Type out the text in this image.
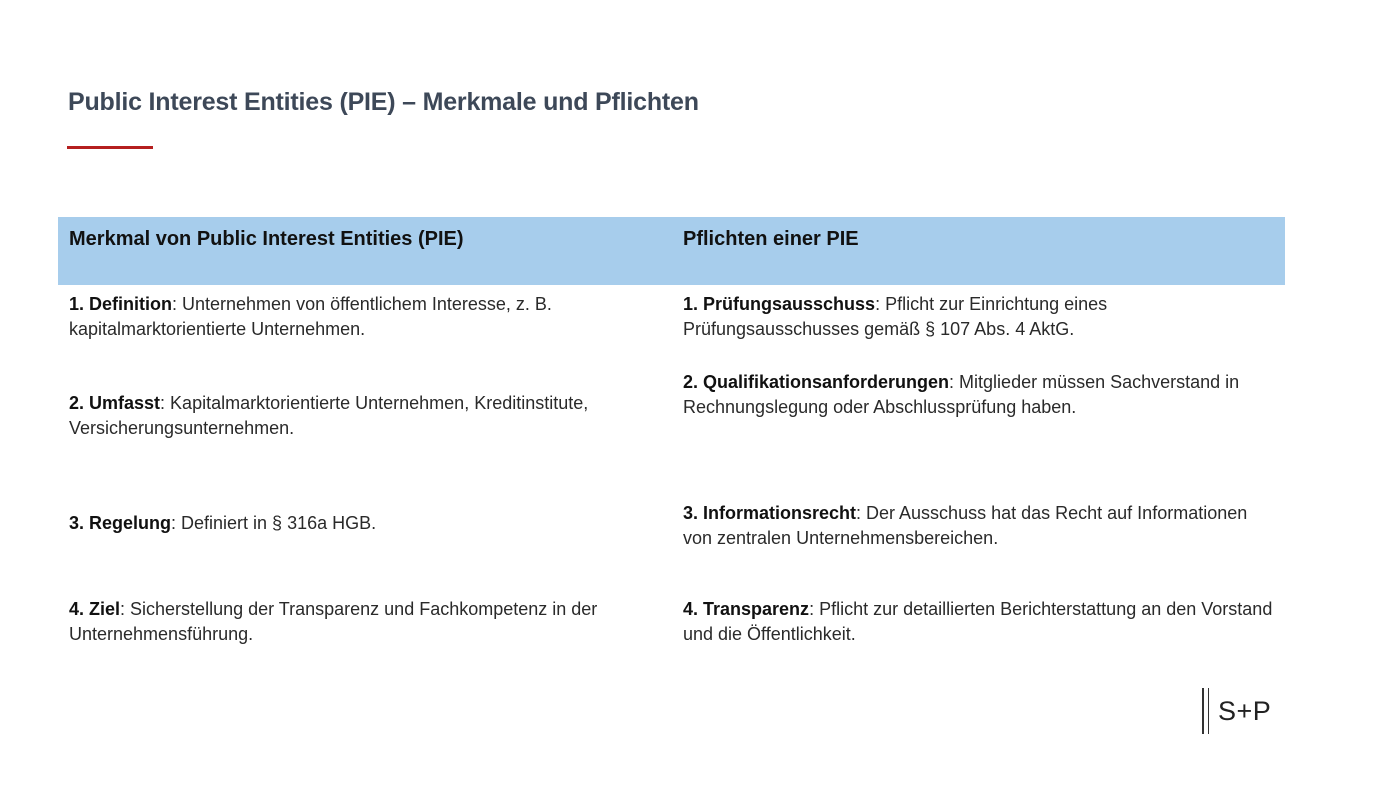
Public Interest Entities (PIE) – Merkmale und Pflichten
Merkmal von Public Interest Entities (PIE)	Pflichten einer PIE
1. Definition: Unternehmen von öffentlichem Interesse, z. B. kapitalmarktorientierte Unternehmen.	1. Prüfungsausschuss: Pflicht zur Einrichtung eines Prüfungsausschusses gemäß § 107 Abs. 4 AktG.
2. Umfasst: Kapitalmarktorientierte Unternehmen, Kreditinstitute, Versicherungsunternehmen.	2. Qualifikationsanforderungen: Mitglieder müssen Sachverstand in Rechnungslegung oder Abschlussprüfung haben.
3. Regelung: Definiert in § 316a HGB.	3. Informationsrecht: Der Ausschuss hat das Recht auf Informationen von zentralen Unternehmensbereichen.
4. Ziel: Sicherstellung der Transparenz und Fachkompetenz in der Unternehmensführung.	4. Transparenz: Pflicht zur detaillierten Berichterstattung an den Vorstand und die Öffentlichkeit.
S+P
